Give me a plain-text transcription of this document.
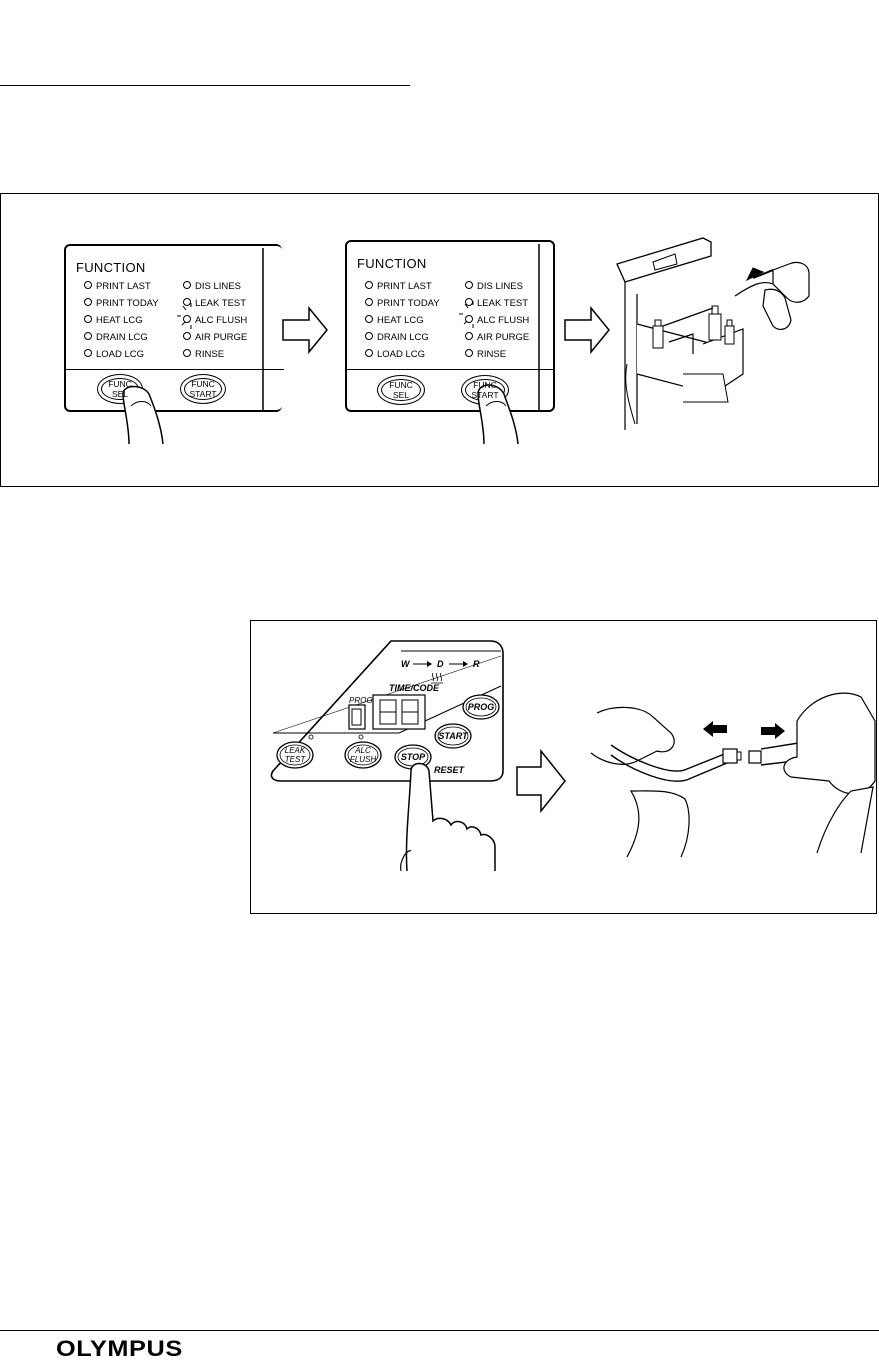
FUNCTION
PRINT LAST
PRINT TODAY
HEAT LCG
DRAIN LCG
LOAD LCG
DIS LINES
LEAK TEST
ALC FLUSH
AIR PURGE
RINSE
FUNC
SEL
FUNC
START
FUNCTION
PRINT LAST
PRINT TODAY
HEAT LCG
DRAIN LCG
LOAD LCG
DIS LINES
LEAK TEST
ALC FLUSH
AIR PURGE
RINSE
FUNC
SEL
FUNC
START
W	D	R
TIME/CODE
PROG
LEAK
TEST
ALC
FLUSH	STOP
RESET
START
PROG
OLYMPUS
